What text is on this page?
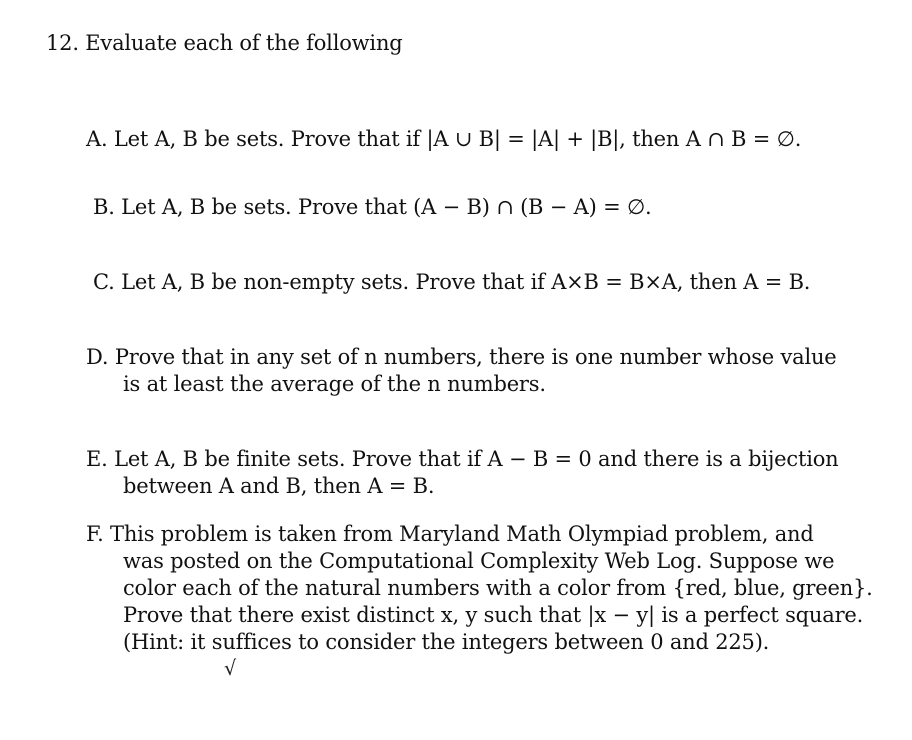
12. Evaluate each of the following
A. Let A, B be sets. Prove that if |A ∪ B| = |A| + |B|, then A ∩ B = ∅.
B. Let A, B be sets. Prove that (A − B) ∩ (B − A) = ∅.
C. Let A, B be non-empty sets. Prove that if A×B = B×A, then A = B.
D. Prove that in any set of n numbers, there is one number whose value
is at least the average of the n numbers.
E. Let A, B be finite sets. Prove that if A − B = 0 and there is a bijection
between A and B, then A = B.
F. This problem is taken from Maryland Math Olympiad problem, and
was posted on the Computational Complexity Web Log. Suppose we
color each of the natural numbers with a color from {red, blue, green}.
Prove that there exist distinct x, y such that |x − y| is a perfect square.
(Hint: it suffices to consider the integers between 0 and 225).
√
